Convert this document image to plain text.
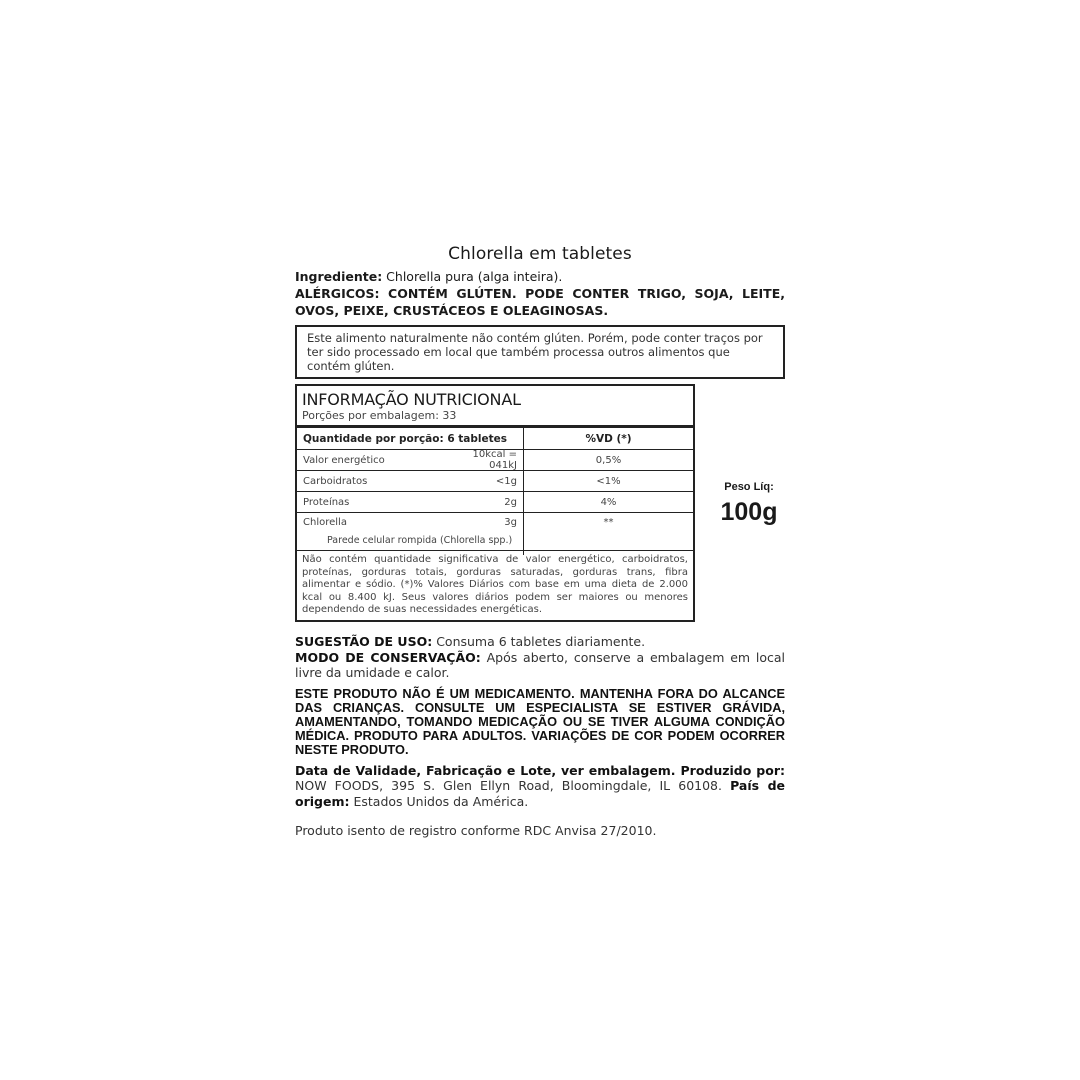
Chlorella em tabletes
Ingrediente: Chlorella pura (alga inteira).
ALÉRGICOS: CONTÉM GLÚTEN. PODE CONTER TRIGO, SOJA, LEITE, OVOS, PEIXE, CRUSTÁCEOS E OLEAGINOSAS.
Este alimento naturalmente não contém glúten. Porém, pode conter traços por ter sido processado em local que também processa outros alimentos que contém glúten.
INFORMAÇÃO NUTRICIONAL
Porções por embalagem: 33
Quantidade por porção: 6 tabletes	%VD (*)
Valor energético	10kcal = 041kJ	0,5%
Carboidratos	<1g	<1%
Proteínas	2g	4%
Chlorella	3g	**
Parede celular rompida (Chlorella spp.)
Não contém quantidade significativa de valor energético, carboidratos, proteínas, gorduras totais, gorduras saturadas, gorduras trans, fibra alimentar e sódio. (*)% Valores Diários com base em uma dieta de 2.000 kcal ou 8.400 kJ. Seus valores diários podem ser maiores ou menores dependendo de suas necessidades energéticas.
Peso Líq:
100g
SUGESTÃO DE USO: Consuma 6 tabletes diariamente.
MODO DE CONSERVAÇÃO: Após aberto, conserve a embalagem em local livre da umidade e calor.
ESTE PRODUTO NÃO É UM MEDICAMENTO. MANTENHA FORA DO ALCANCE DAS CRIANÇAS. CONSULTE UM ESPECIALISTA SE ESTIVER GRÁVIDA, AMAMENTANDO, TOMANDO MEDICAÇÃO OU SE TIVER ALGUMA CONDIÇÃO MÉDICA. PRODUTO PARA ADULTOS. VARIAÇÕES DE COR PODEM OCORRER NESTE PRODUTO.
Data de Validade, Fabricação e Lote, ver embalagem. Produzido por: NOW FOODS, 395 S. Glen Ellyn Road, Bloomingdale, IL 60108. País de origem: Estados Unidos da América.
Produto isento de registro conforme RDC Anvisa 27/2010.
